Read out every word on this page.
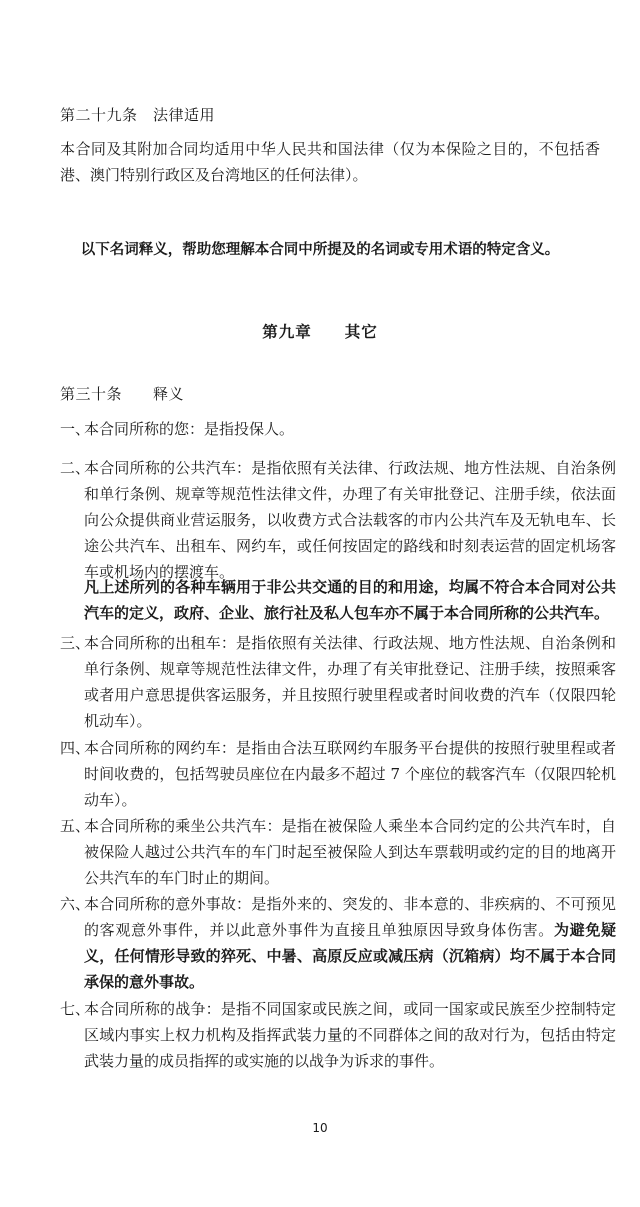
第二十九条　法律适用

本合同及其附加合同均适用中华人民共和国法律（仅为本保险之目的，不包括香港、澳门特别行政区及台湾地区的任何法律）。

以下名词释义，帮助您理解本合同中所提及的名词或专用术语的特定含义。

第九章　　其它

第三十条　　释义

一、

本合同所称的您：是指投保人。

二、

本合同所称的公共汽车：是指依照有关法律、行政法规、地方性法规、自治条例和单行条例、规章等规范性法律文件，办理了有关审批登记、注册手续，依法面向公众提供商业营运服务，以收费方式合法载客的市内公共汽车及无轨电车、长途公共汽车、出租车、网约车，或任何按固定的路线和时刻表运营的固定机场客车或机场内的摆渡车。

凡上述所列的各种车辆用于非公共交通的目的和用途，均属不符合本合同对公共汽车的定义，政府、企业、旅行社及私人包车亦不属于本合同所称的公共汽车。

三、

本合同所称的出租车：是指依照有关法律、行政法规、地方性法规、自治条例和单行条例、规章等规范性法律文件，办理了有关审批登记、注册手续，按照乘客或者用户意思提供客运服务，并且按照行驶里程或者时间收费的汽车（仅限四轮机动车）。

四、

本合同所称的网约车：是指由合法互联网约车服务平台提供的按照行驶里程或者时间收费的，包括驾驶员座位在内最多不超过 7 个座位的载客汽车（仅限四轮机动车）。

五、

本合同所称的乘坐公共汽车：是指在被保险人乘坐本合同约定的公共汽车时，自被保险人越过公共汽车的车门时起至被保险人到达车票载明或约定的目的地离开公共汽车的车门时止的期间。

六、

本合同所称的意外事故：是指外来的、突发的、非本意的、非疾病的、不可预见的客观意外事件，并以此意外事件为直接且单独原因导致身体伤害。为避免疑义，任何情形导致的猝死、中暑、高原反应或减压病（沉箱病）均不属于本合同承保的意外事故。

七、

本合同所称的战争：是指不同国家或民族之间，或同一国家或民族至少控制特定区域内事实上权力机构及指挥武装力量的不同群体之间的敌对行为，包括由特定武装力量的成员指挥的或实施的以战争为诉求的事件。

10
